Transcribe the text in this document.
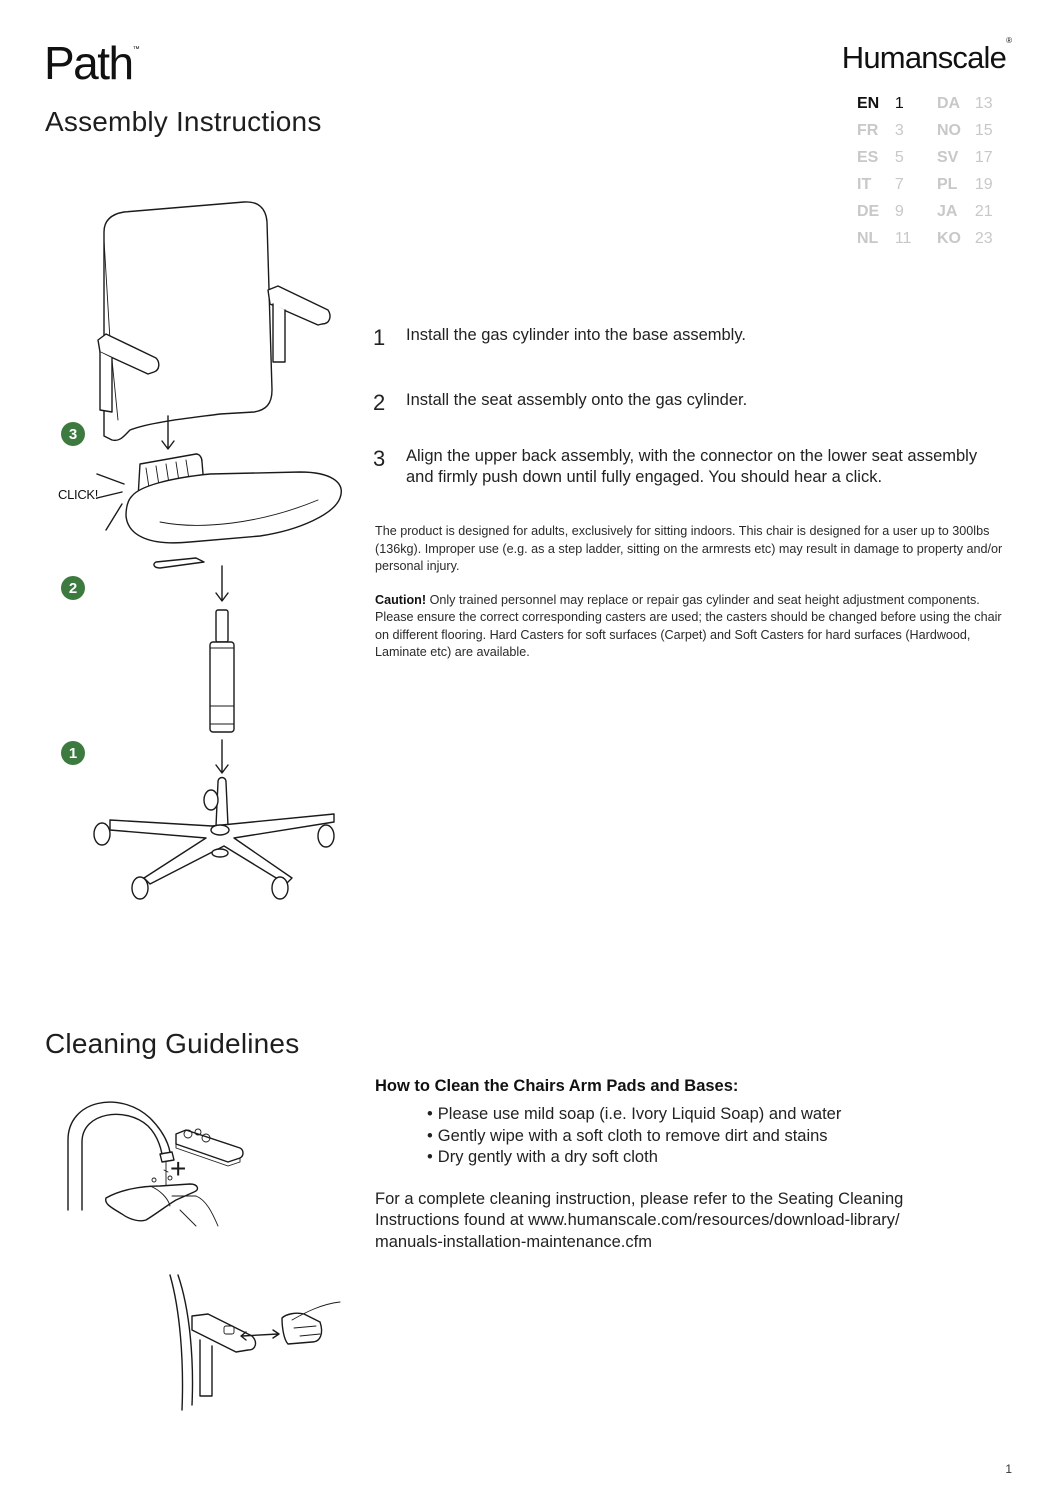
Path™
Assembly Instructions
Humanscale®
EN 1	DA 13
FR	3	NO 15
ES	5	SV	17
IT	7	PL	19
DE 9	JA	21
NL	11	KO 23
3
2
1
CLICK!
1	Install the gas cylinder into the base assembly.
2	Install the seat assembly onto the gas cylinder.
3	Align the upper back assembly, with the connector on the lower seat assembly and firmly push down until fully engaged. You should hear a click.

The product is designed for adults, exclusively for sitting indoors. This chair is designed for a user up to 300lbs (136kg). Improper use (e.g. as a step ladder, sitting on the armrests etc) may result in damage to property and/or personal injury.

Caution! Only trained personnel may replace or repair gas cylinder and seat height adjustment components. Please ensure the correct corresponding casters are used; the casters should be changed before using the chair on different flooring. Hard Casters for soft surfaces (Carpet) and Soft Casters for hard surfaces (Hardwood, Laminate etc) are available.

Cleaning Guidelines
+
How to Clean the Chairs Arm Pads and Bases:
• Please use mild soap (i.e. Ivory Liquid Soap) and water
• Gently wipe with a soft cloth to remove dirt and stains
• Dry gently with a dry soft cloth

For a complete cleaning instruction, please refer to the Seating Cleaning Instructions found at www.humanscale.com/resources/download-library/ manuals-installation-maintenance.cfm

1
